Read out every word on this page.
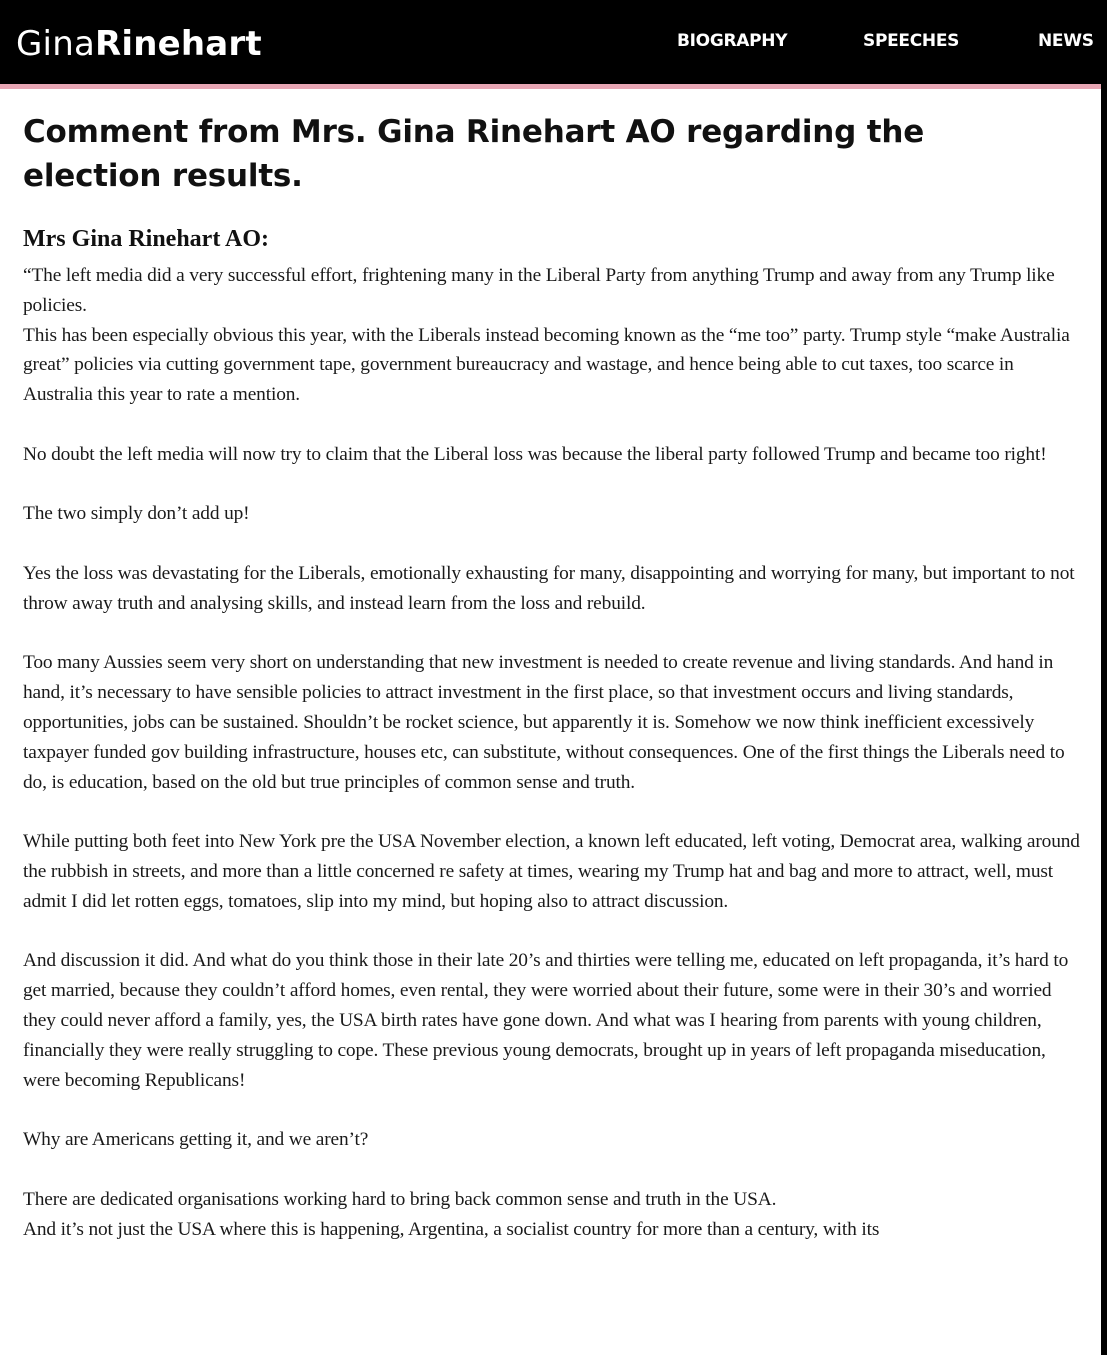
GinaRinehart	BIOGRAPHY	SPEECHES	NEWS
Comment from Mrs. Gina Rinehart AO regarding the election results.
Mrs Gina Rinehart AO:

“The left media did a very successful effort, frightening many in the Liberal Party from anything Trump and away from any Trump like policies.

This has been especially obvious this year, with the Liberals instead becoming known as the “me too” party. Trump style “make Australia great” policies via cutting government tape, government bureaucracy and wastage, and hence being able to cut taxes, too scarce in Australia this year to rate a mention.

No doubt the left media will now try to claim that the Liberal loss was because the liberal party followed Trump and became too right!

The two simply don’t add up!

Yes the loss was devastating for the Liberals, emotionally exhausting for many, disappointing and worrying for many, but important to not throw away truth and analysing skills, and instead learn from the loss and rebuild.

Too many Aussies seem very short on understanding that new investment is needed to create revenue and living standards. And hand in hand, it’s necessary to have sensible policies to attract investment in the first place, so that investment occurs and living standards, opportunities, jobs can be sustained. Shouldn’t be rocket science, but apparently it is. Somehow we now think inefficient excessively taxpayer funded gov building infrastructure, houses etc, can substitute, without consequences. One of the first things the Liberals need to do, is education, based on the old but true principles of common sense and truth.

While putting both feet into New York pre the USA November election, a known left educated, left voting, Democrat area, walking around the rubbish in streets, and more than a little concerned re safety at times, wearing my Trump hat and bag and more to attract, well, must admit I did let rotten eggs, tomatoes, slip into my mind, but hoping also to attract discussion.

And discussion it did. And what do you think those in their late 20’s and thirties were telling me, educated on left propaganda, it’s hard to get married, because they couldn’t afford homes, even rental, they were worried about their future, some were in their 30’s and worried they could never afford a family, yes, the USA birth rates have gone down. And what was I hearing from parents with young children, financially they were really struggling to cope. These previous young democrats, brought up in years of left propaganda miseducation, were becoming Republicans!

Why are Americans getting it, and we aren’t?

There are dedicated organisations working hard to bring back common sense and truth in the USA.

And it’s not just the USA where this is happening, Argentina, a socialist country for more than a century, with its
